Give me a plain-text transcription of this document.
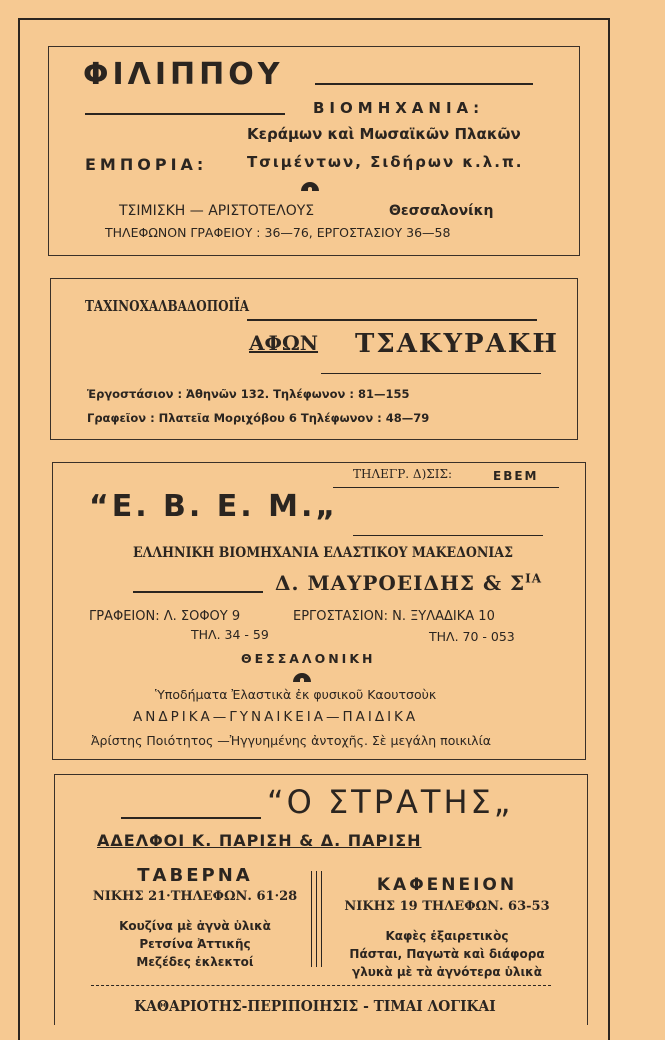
ΦΙΛΙΠΠΟΥ
ΒΙΟΜΗΧΑΝΙΑ:
Κεράμων καὶ Μωσαϊκῶν Πλακῶν
ΕΜΠΟΡΙΑ:	Τσιμέντων, Σιδήρων κ.λ.π.
ΤΣΙΜΙΣΚΗ — ΑΡΙΣΤΟΤΕΛΟΥΣ	Θεσσαλονίκη
ΤΗΛΕΦΩΝΟΝ ΓΡΑΦΕΙΟΥ : 36—76, ΕΡΓΟΣΤΑΣΙΟΥ 36—58
ΤΑΧΙΝΟΧΑΛΒΑΔΟΠΟΙΪΑ
ΑΦΩΝ ΤΣΑΚΥΡΑΚΗ
Ἐργοστάσιον : Ἀθηνῶν 132. Τηλέφωνον : 81—155
Γραφεῖον : Πλατεῖα Μοριχόβου 6 Τηλέφωνον : 48—79
ΤΗΛΕΓΡ. Δ)ΣΙΣ:	ΕΒΕΜ
“Ε. Β. Ε. Μ.„
ΕΛΛΗΝΙΚΗ ΒΙΟΜΗΧΑΝΙΑ ΕΛΑΣΤΙΚΟΥ ΜΑΚΕΔΟΝΙΑΣ
Δ. ΜΑΥΡΟΕΙΔΗΣ & $\Sigma^{IA}$
ΓΡΑΦΕΙΟΝ: Λ. ΣΟΦΟΥ 9
ΤΗΛ. 34 - 59
ΕΡΓΟΣΤΑΣΙΟΝ: Ν. ΞΥΛΑΔΙΚΑ 10
ΤΗΛ. 70 - 053
ΘΕΣΣΑΛΟΝΙΚΗ
Ὑποδήματα Ἐλαστικὰ ἐκ φυσικοῦ Καουτσοὺκ
ΑΝΔΡΙΚΑ—ΓΥΝΑΙΚΕΙΑ—ΠΑΙΔΙΚΑ
Ἀρίστης Ποιότητος —Ἠγγυημένης ἀντοχῆς. Σὲ μεγάλη ποικιλία
“Ο ΣΤΡΑΤΗΣ„
ΑΔΕΛΦΟΙ Κ. ΠΑΡΙΣΗ & Δ. ΠΑΡΙΣΗ
ΤΑΒΕΡΝΑ
ΝΙΚΗΣ 21·ΤΗΛΕΦΩΝ. 61·28
Κουζίνα μὲ ἁγνὰ ὑλικὰ
Ρετσίνα Ἀττικῆς
Μεζέδες ἐκλεκτοί
ΚΑΦΕΝΕΙΟΝ
ΝΙΚΗΣ 19 ΤΗΛΕΦΩΝ. 63-53
Καφὲς ἐξαιρετικὸς
Πάσται, Παγωτὰ καὶ διάφορα
γλυκὰ μὲ τὰ ἁγνότερα ὑλικὰ
ΚΑΘΑΡΙΟΤΗΣ-ΠΕΡΙΠΟΙΗΣΙΣ - ΤΙΜΑΙ ΛΟΓΙΚΑΙ
